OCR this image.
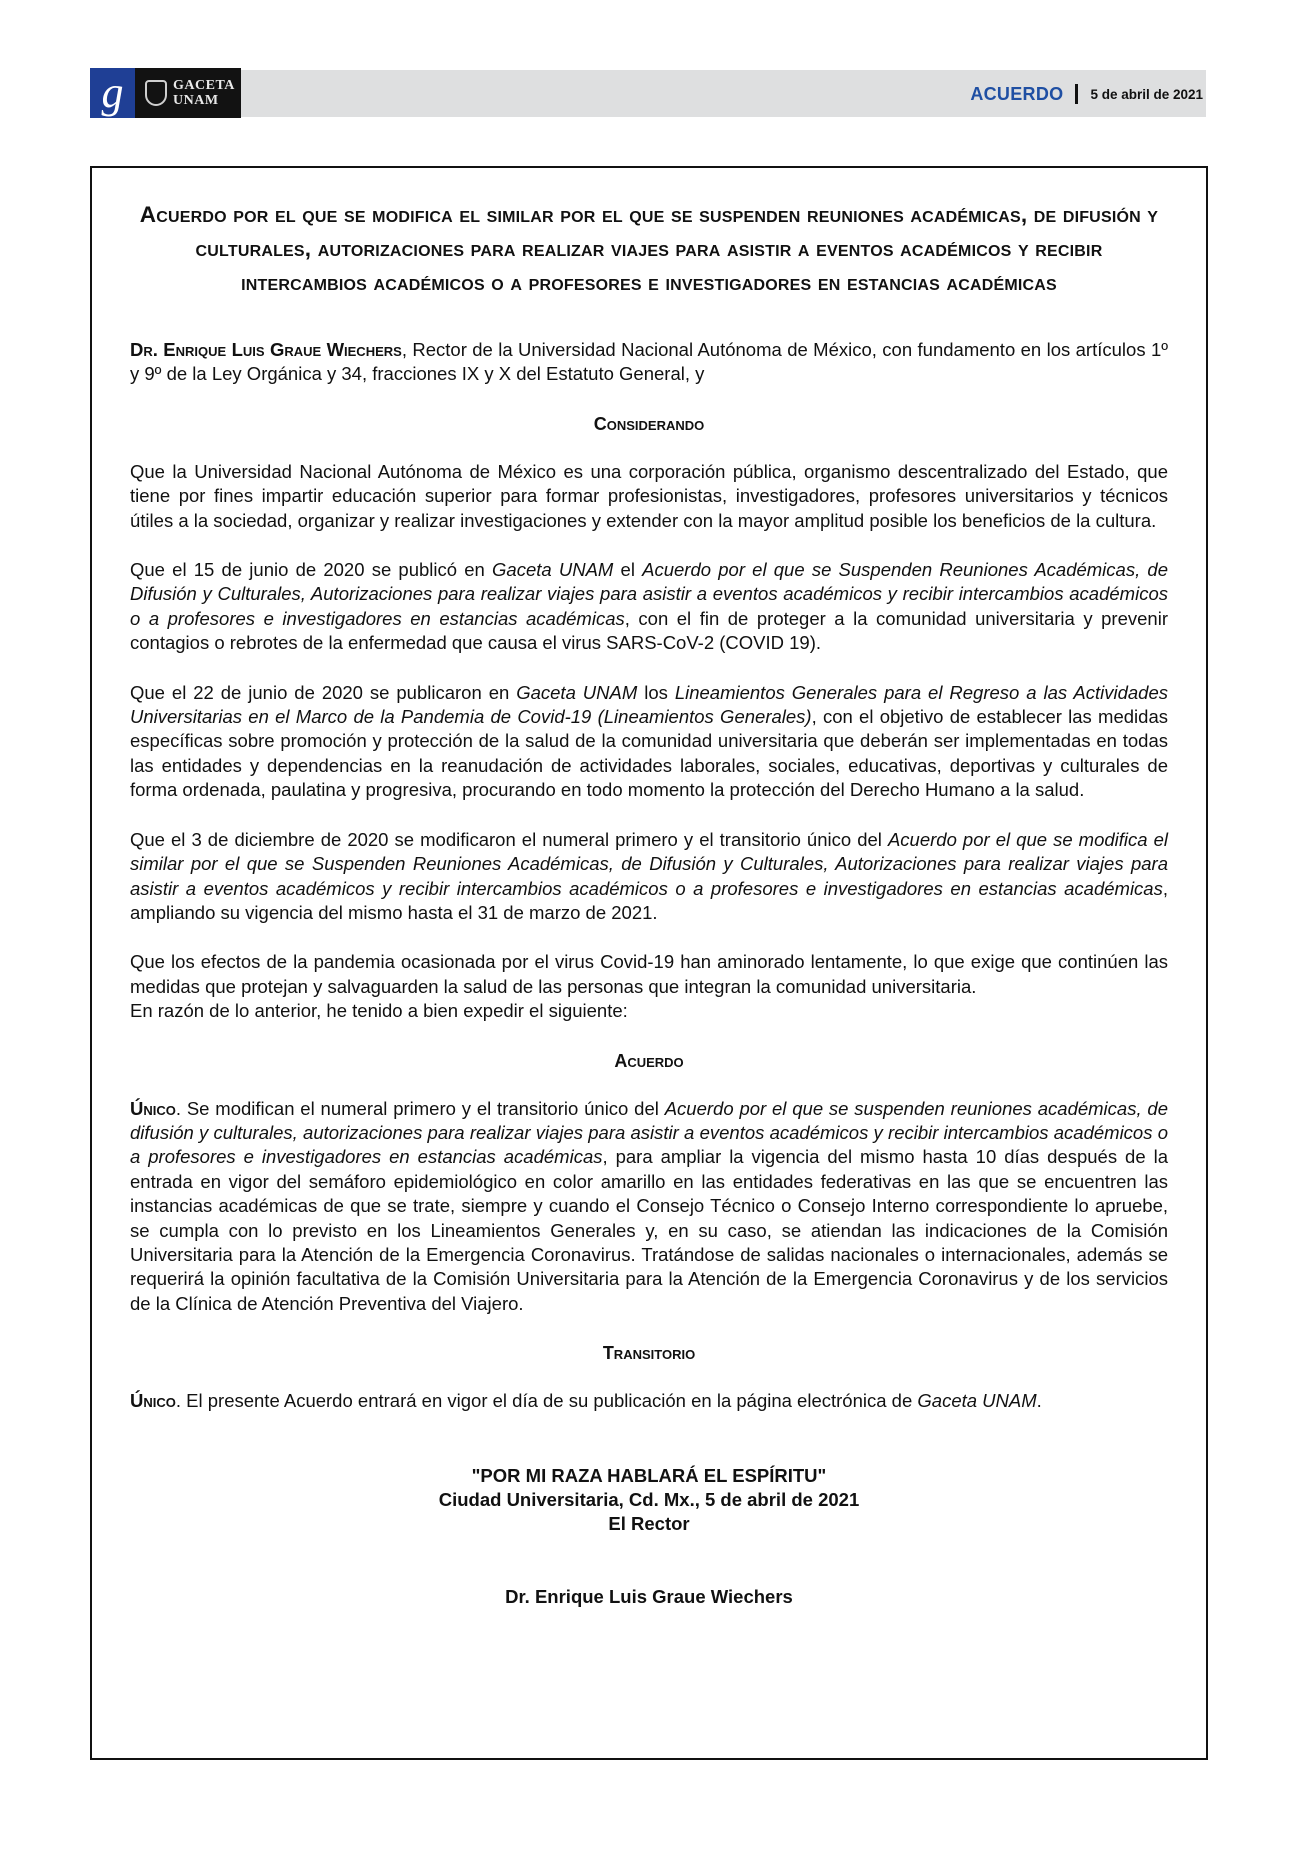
g	GACETA
UNAM	ACUERDO 5 de abril de 2021
Acuerdo por el que se modifica el similar por el que se suspenden reuniones académicas, de difusión y culturales, autorizaciones para realizar viajes para asistir a eventos académicos y recibir intercambios académicos o a profesores e investigadores en estancias académicas

Dr. Enrique Luis Graue Wiechers, Rector de la Universidad Nacional Autónoma de México, con fundamento en los artículos 1º y 9º de la Ley Orgánica y 34, fracciones IX y X del Estatuto General, y

Considerando

Que la Universidad Nacional Autónoma de México es una corporación pública, organismo descentralizado del Estado, que tiene por fines impartir educación superior para formar profesionistas, investigadores, profesores universitarios y técnicos útiles a la sociedad, organizar y realizar investigaciones y extender con la mayor amplitud posible los beneficios de la cultura.

Que el 15 de junio de 2020 se publicó en Gaceta UNAM el Acuerdo por el que se Suspenden Reuniones Académicas, de Difusión y Culturales, Autorizaciones para realizar viajes para asistir a eventos académicos y recibir intercambios académicos o a profesores e investigadores en estancias académicas, con el fin de proteger a la comunidad universitaria y prevenir contagios o rebrotes de la enfermedad que causa el virus SARS-CoV-2 (COVID 19).

Que el 22 de junio de 2020 se publicaron en Gaceta UNAM los Lineamientos Generales para el Regreso a las Actividades Universitarias en el Marco de la Pandemia de Covid-19 (Lineamientos Generales), con el objetivo de establecer las medidas específicas sobre promoción y protección de la salud de la comunidad universitaria que deberán ser implementadas en todas las entidades y dependencias en la reanudación de actividades laborales, sociales, educativas, deportivas y culturales de forma ordenada, paulatina y progresiva, procurando en todo momento la protección del Derecho Humano a la salud.

Que el 3 de diciembre de 2020 se modificaron el numeral primero y el transitorio único del Acuerdo por el que se modifica el similar por el que se Suspenden Reuniones Académicas, de Difusión y Culturales, Autorizaciones para realizar viajes para asistir a eventos académicos y recibir intercambios académicos o a profesores e investigadores en estancias académicas, ampliando su vigencia del mismo hasta el 31 de marzo de 2021.

Que los efectos de la pandemia ocasionada por el virus Covid-19 han aminorado lentamente, lo que exige que continúen las medidas que protejan y salvaguarden la salud de las personas que integran la comunidad universitaria.

En razón de lo anterior, he tenido a bien expedir el siguiente:

Acuerdo

Único. Se modifican el numeral primero y el transitorio único del Acuerdo por el que se suspenden reuniones académicas, de difusión y culturales, autorizaciones para realizar viajes para asistir a eventos académicos y recibir intercambios académicos o a profesores e investigadores en estancias académicas, para ampliar la vigencia del mismo hasta 10 días después de la entrada en vigor del semáforo epidemiológico en color amarillo en las entidades federativas en las que se encuentren las instancias académicas de que se trate, siempre y cuando el Consejo Técnico o Consejo Interno correspondiente lo apruebe, se cumpla con lo previsto en los Lineamientos Generales y, en su caso, se atiendan las indicaciones de la Comisión Universitaria para la Atención de la Emergencia Coronavirus. Tratándose de salidas nacionales o internacionales, además se requerirá la opinión facultativa de la Comisión Universitaria para la Atención de la Emergencia Coronavirus y de los servicios de la Clínica de Atención Preventiva del Viajero.

Transitorio

Único. El presente Acuerdo entrará en vigor el día de su publicación en la página electrónica de Gaceta UNAM.

"POR MI RAZA HABLARÁ EL ESPÍRITU"
Ciudad Universitaria, Cd. Mx., 5 de abril de 2021
El Rector
Dr. Enrique Luis Graue Wiechers
